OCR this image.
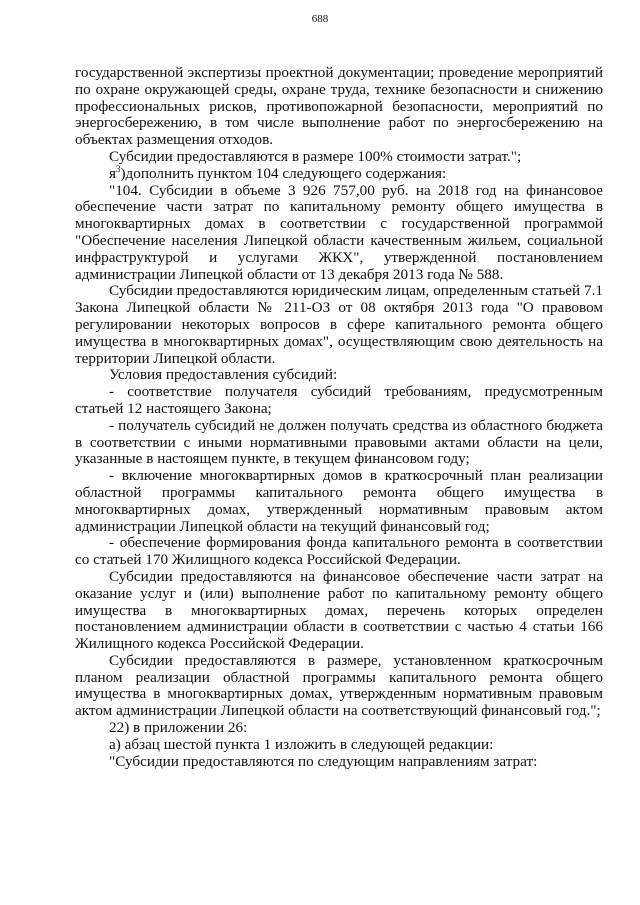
688

государственной экспертизы проектной документации; проведение мероприятий по охране окружающей среды, охране труда, технике безопасности и снижению профессиональных рисков, противопожарной безопасности, мероприятий по энергосбережению, в том числе выполнение работ по энергосбережению на объектах размещения отходов.

Субсидии предоставляются в размере 100% стоимости затрат.";

$я^3)дополнить$ пунктом 104 следующего содержания:

"104. Субсидии в объеме 3 926 757,00 руб. на 2018 год на финансовое обеспечение части затрат по капитальному ремонту общего имущества в многоквартирных домах в соответствии с государственной программой "Обеспечение населения Липецкой области качественным жильем, социальной инфраструктурой и услугами ЖКХ", утвержденной постановлением администрации Липецкой области от 13 декабря 2013 года № 588.

Субсидии предоставляются юридическим лицам, определенным статьей 7.1 Закона Липецкой области № 211-ОЗ от 08 октября 2013 года "О правовом регулировании некоторых вопросов в сфере капитального ремонта общего имущества в многоквартирных домах", осуществляющим свою деятельность на территории Липецкой области.

Условия предоставления субсидий:

- соответствие получателя субсидий требованиям, предусмотренным статьей 12 настоящего Закона;

- получатель субсидий не должен получать средства из областного бюджета в соответствии с иными нормативными правовыми актами области на цели, указанные в настоящем пункте, в текущем финансовом году;

- включение многоквартирных домов в краткосрочный план реализации областной программы капитального ремонта общего имущества в многоквартирных домах, утвержденный нормативным правовым актом администрации Липецкой области на текущий финансовый год;

- обеспечение формирования фонда капитального ремонта в соответствии со статьей 170 Жилищного кодекса Российской Федерации.

Субсидии предоставляются на финансовое обеспечение части затрат на оказание услуг и (или) выполнение работ по капитальному ремонту общего имущества в многоквартирных домах, перечень которых определен постановлением администрации области в соответствии с частью 4 статьи 166 Жилищного кодекса Российской Федерации.

Субсидии предоставляются в размере, установленном краткосрочным планом реализации областной программы капитального ремонта общего имущества в многоквартирных домах, утвержденным нормативным правовым актом администрации Липецкой области на соответствующий финансовый год.";

22) в приложении 26:

а) абзац шестой пункта 1 изложить в следующей редакции:

"Субсидии предоставляются по следующим направлениям затрат:
